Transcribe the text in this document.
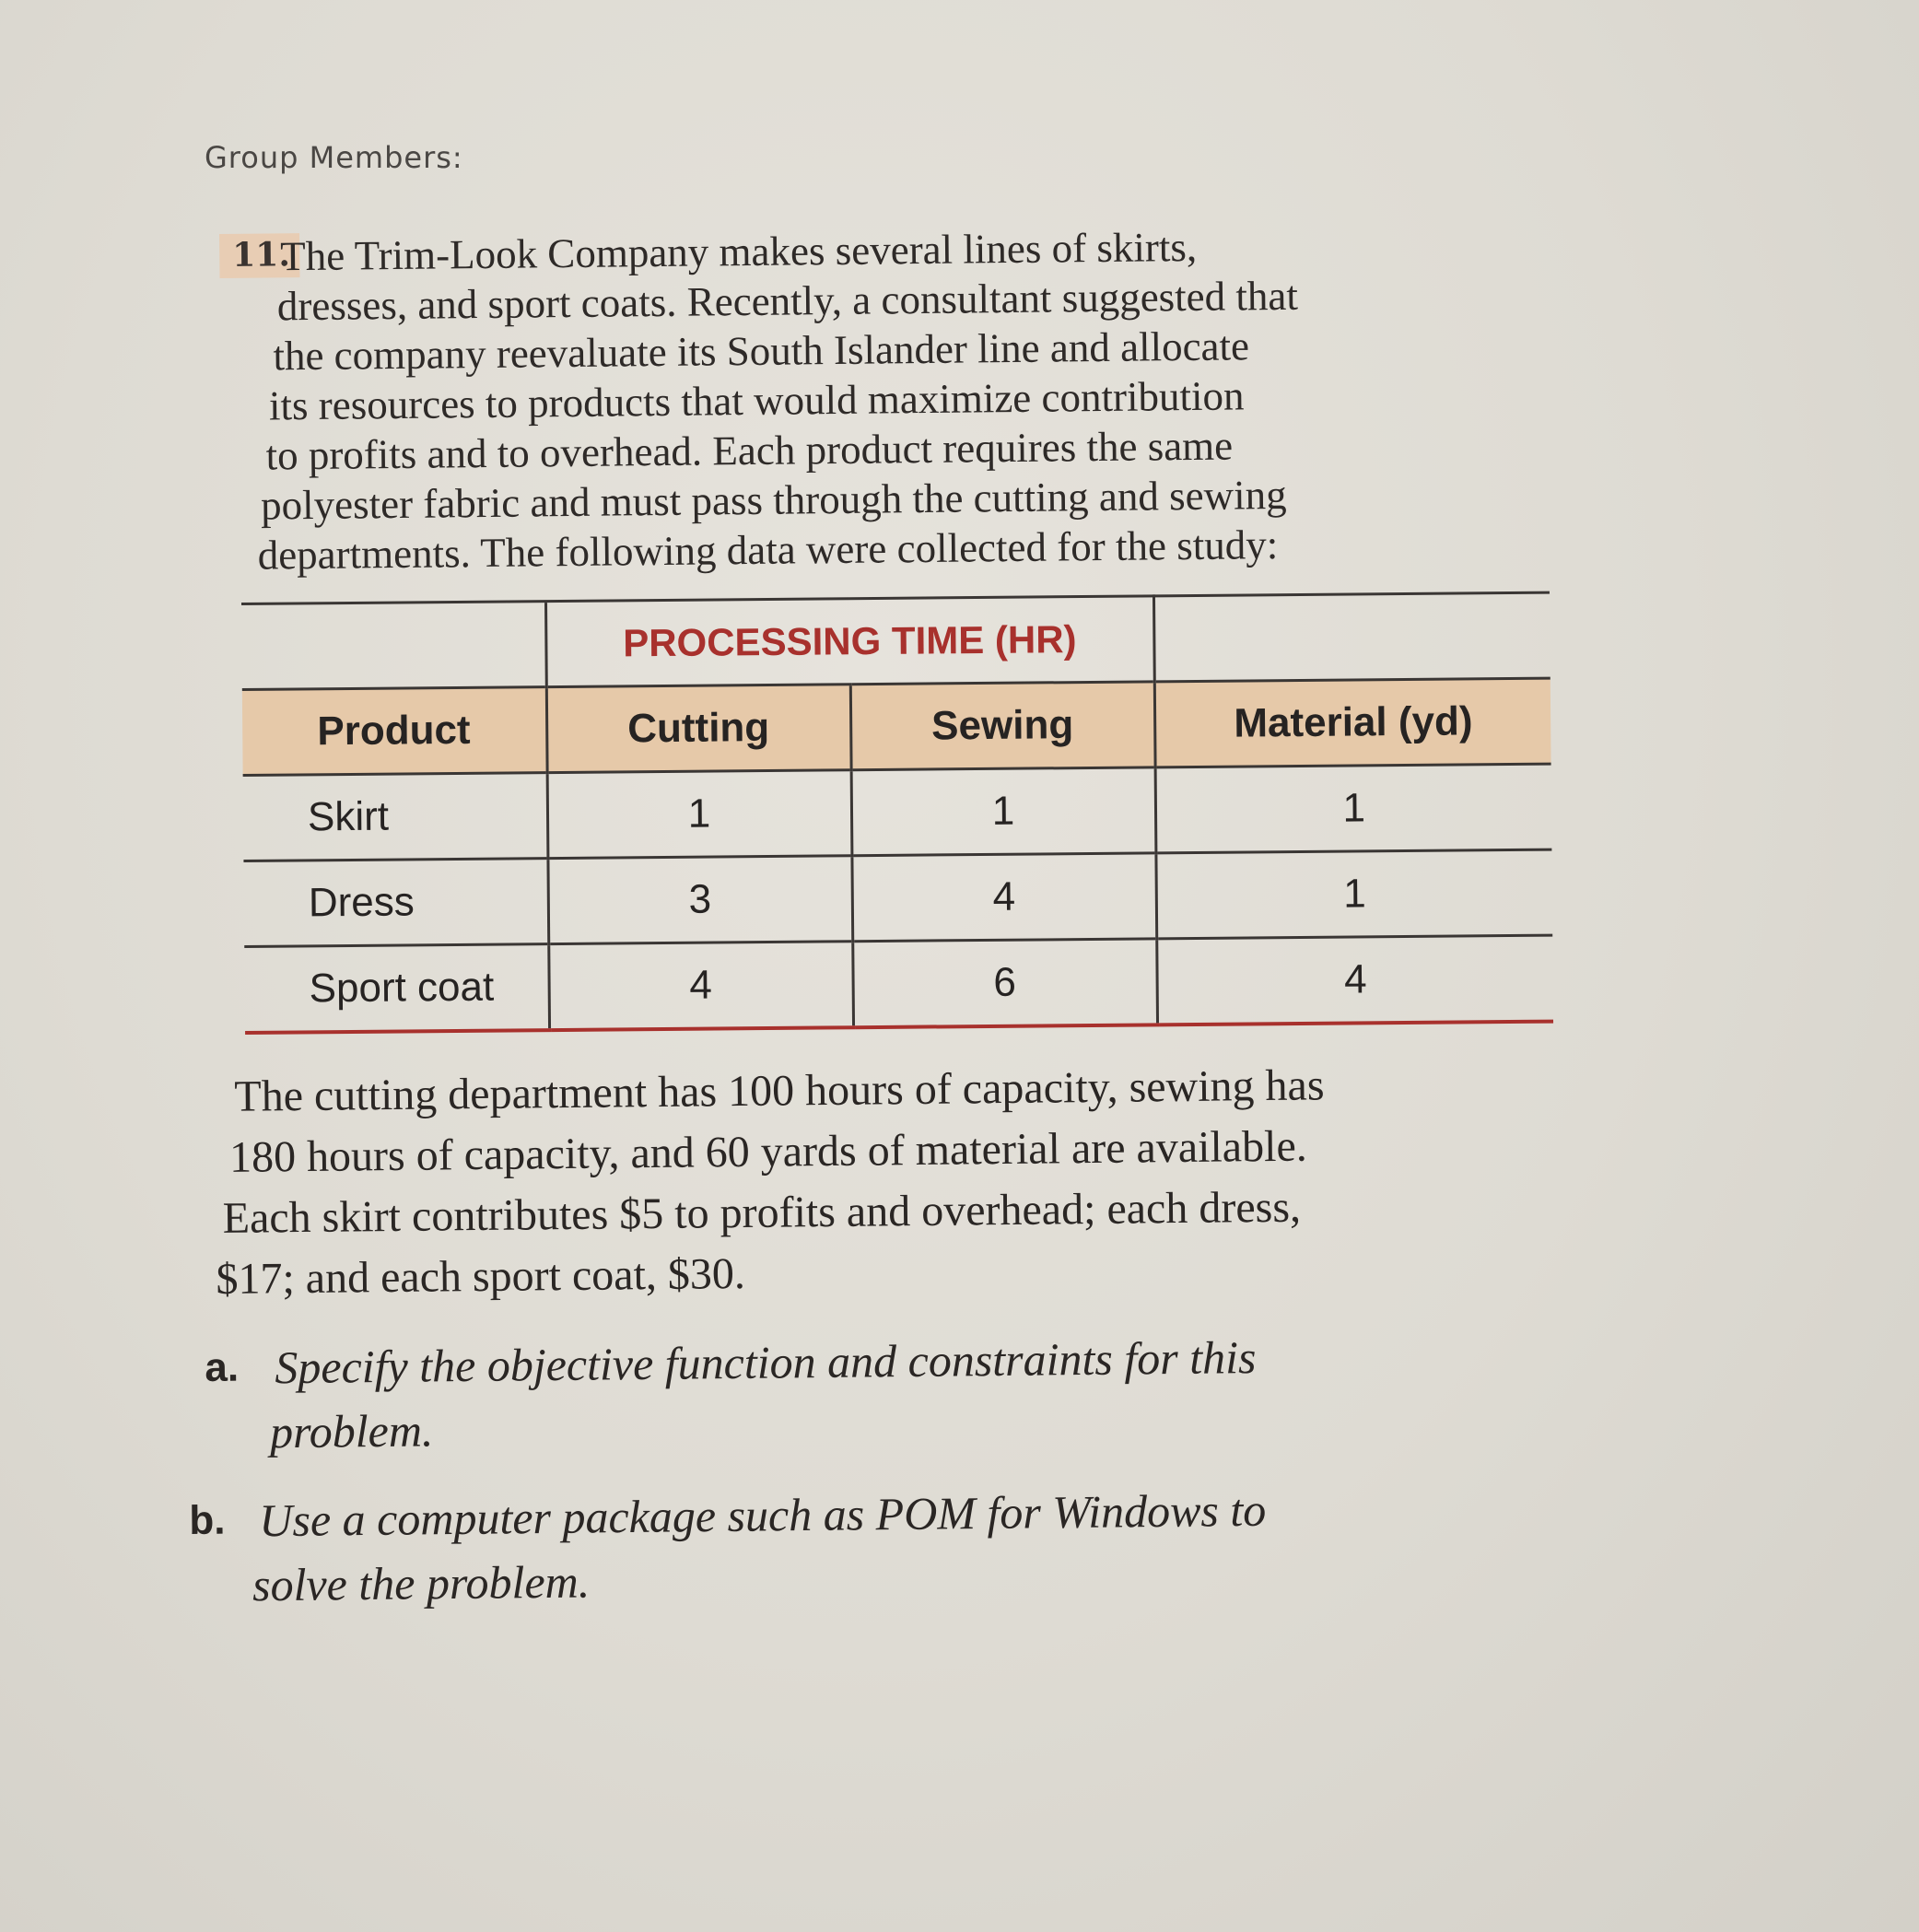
Group Members:
11.
The Trim-Look Company makes several lines of skirts,
dresses, and sport coats. Recently, a consultant suggested that
the company reevaluate its South Islander line and allocate
its resources to products that would maximize contribution
to profits and to overhead. Each product requires the same
polyester fabric and must pass through the cutting and sewing
departments. The following data were collected for the study:
	PROCESSING TIME (HR)		
Product	Cutting	Sewing	Material (yd)
Skirt	1	1	1
Dress	3	4	1
Sport coat	4	6	4
The cutting department has 100 hours of capacity, sewing has
180 hours of capacity, and 60 yards of material are available.
Each skirt contributes $5 to profits and overhead; each dress,
$17; and each sport coat, $30.
a. Specify the objective function and constraints for this
problem.
b. Use a computer package such as POM for Windows to
solve the problem.
